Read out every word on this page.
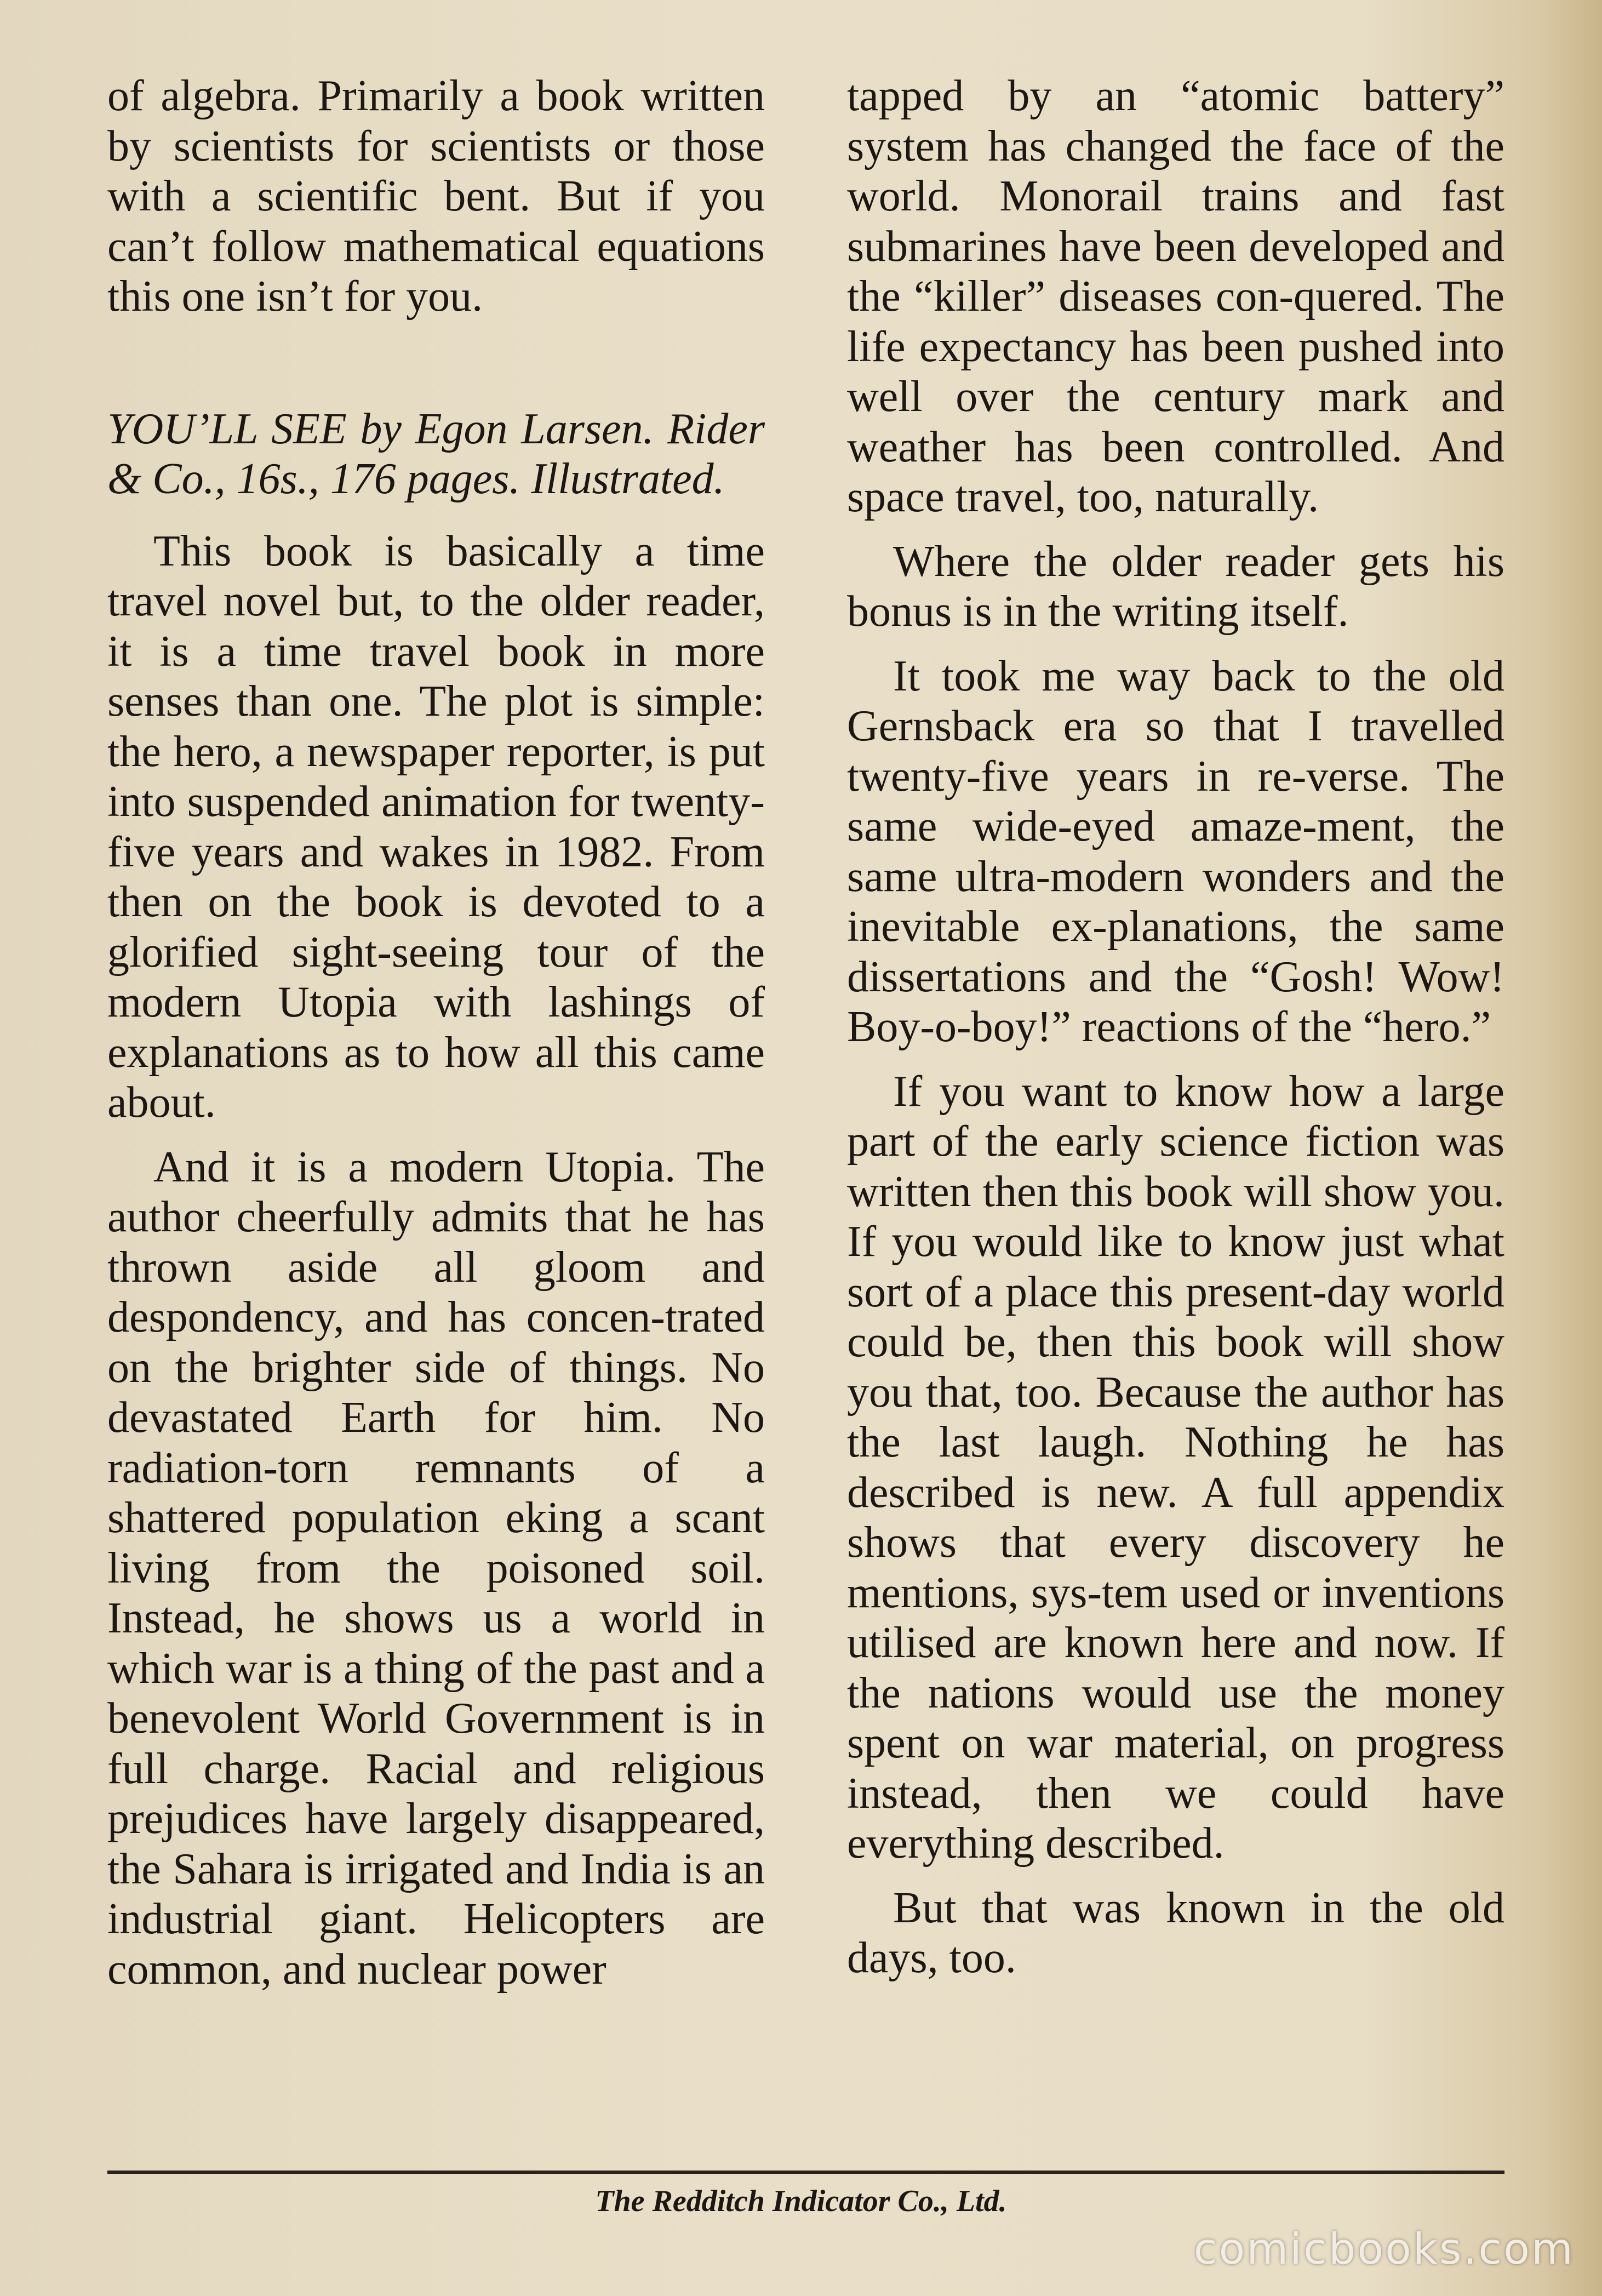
of algebra. Primarily a book written by scientists for scientists or those with a scientific bent. But if you can’t follow mathematical equations this one isn’t for you.

YOU’LL SEE by Egon Larsen. Rider & Co., 16s., 176 pages. Illustrated.

This book is basically a time travel novel but, to the older reader, it is a time travel book in more senses than one. The plot is simple: the hero, a newspaper reporter, is put into suspended animation for twenty-five years and wakes in 1982. From then on the book is devoted to a glorified sight-seeing tour of the modern Utopia with lashings of explanations as to how all this came about.

And it is a modern Utopia. The author cheerfully admits that he has thrown aside all gloom and despondency, and has concen-trated on the brighter side of things. No devastated Earth for him. No radiation-torn remnants of a shattered population eking a scant living from the poisoned soil. Instead, he shows us a world in which war is a thing of the past and a benevolent World Government is in full charge. Racial and religious prejudices have largely disappeared, the Sahara is irrigated and India is an industrial giant. Helicopters are common, and nuclear power

tapped by an “atomic battery” system has changed the face of the world. Monorail trains and fast submarines have been developed and the “killer” diseases con-quered. The life expectancy has been pushed into well over the century mark and weather has been controlled. And space travel, too, naturally.

Where the older reader gets his bonus is in the writing itself.

It took me way back to the old Gernsback era so that I travelled twenty-five years in re-verse. The same wide-eyed amaze-ment, the same ultra-modern wonders and the inevitable ex-planations, the same dissertations and the “Gosh! Wow! Boy-o-boy!” reactions of the “hero.”

If you want to know how a large part of the early science fiction was written then this book will show you. If you would like to know just what sort of a place this present-day world could be, then this book will show you that, too. Because the author has the last laugh. Nothing he has described is new. A full appendix shows that every discovery he mentions, sys-tem used or inventions utilised are known here and now. If the nations would use the money spent on war material, on progress instead, then we could have everything described.

But that was known in the old days, too.

The Redditch Indicator Co., Ltd.
comicbooks.com
